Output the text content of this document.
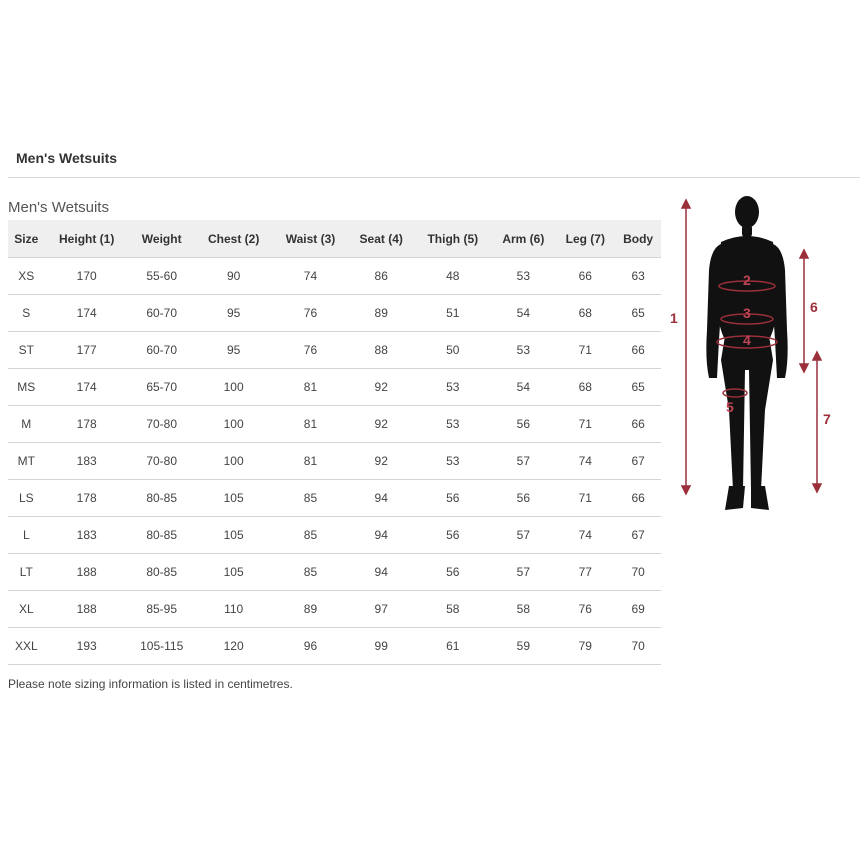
Men's Wetsuits
Men's Wetsuits
Size	Height (1)	Weight	Chest (2)	Waist (3)	Seat (4)	Thigh (5)	Arm (6)	Leg (7)	Body
XS	170	55-60	90	74	86	48	53	66	63
S	174	60-70	95	76	89	51	54	68	65
ST	177	60-70	95	76	88	50	53	71	66
MS	174	65-70	100	81	92	53	54	68	65
M	178	70-80	100	81	92	53	56	71	66
MT	183	70-80	100	81	92	53	57	74	67
LS	178	80-85	105	85	94	56	56	71	66
L	183	80-85	105	85	94	56	57	74	67
LT	188	80-85	105	85	94	56	57	77	70
XL	188	85-95	110	89	97	58	58	76	69
XXL	193	105-115	120	96	99	61	59	79	70
Please note sizing information is listed in centimetres.
1
2
3
4
5
6
7
